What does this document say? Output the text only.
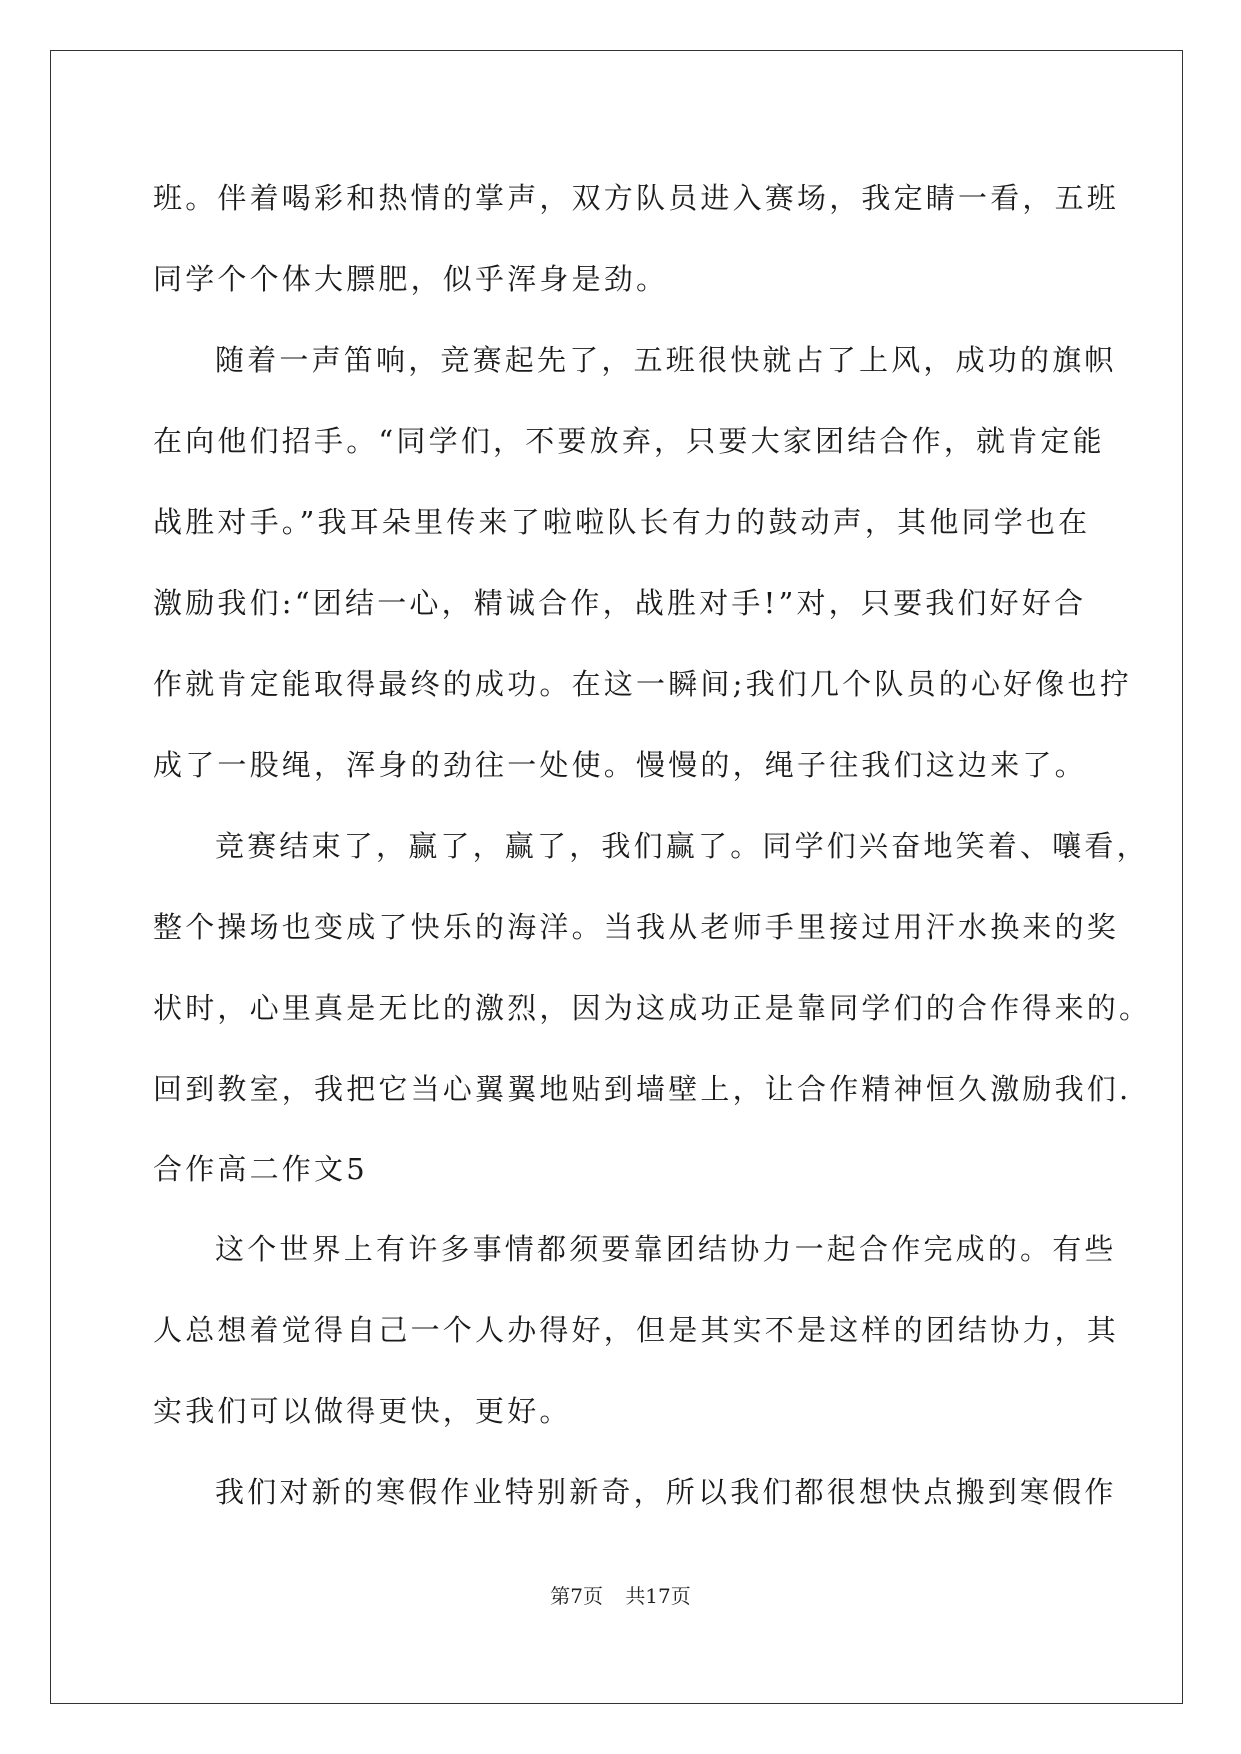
班。伴着喝彩和热情的掌声，双方队员进入赛场，我定睛一看，五班
同学个个体大膘肥，似乎浑身是劲。
随着一声笛响，竞赛起先了，五班很快就占了上风，成功的旗帜
在向他们招手。“同学们，不要放弃，只要大家团结合作，就肯定能
战胜对手。”我耳朵里传来了啦啦队长有力的鼓动声，其他同学也在
激励我们:“团结一心，精诚合作，战胜对手!”对，只要我们好好合
作就肯定能取得最终的成功。在这一瞬间;我们几个队员的心好像也拧
成了一股绳，浑身的劲往一处使。慢慢的，绳子往我们这边来了。
竞赛结束了，赢了，赢了，我们赢了。同学们兴奋地笑着、嚷看，
整个操场也变成了快乐的海洋。当我从老师手里接过用汗水换来的奖
状时，心里真是无比的激烈，因为这成功正是靠同学们的合作得来的。
回到教室，我把它当心翼翼地贴到墙壁上，让合作精神恒久激励我们.
合作高二作文5
这个世界上有许多事情都须要靠团结协力一起合作完成的。有些
人总想着觉得自己一个人办得好，但是其实不是这样的团结协力，其
实我们可以做得更快，更好。
我们对新的寒假作业特别新奇，所以我们都很想快点搬到寒假作
第7页 共17页
